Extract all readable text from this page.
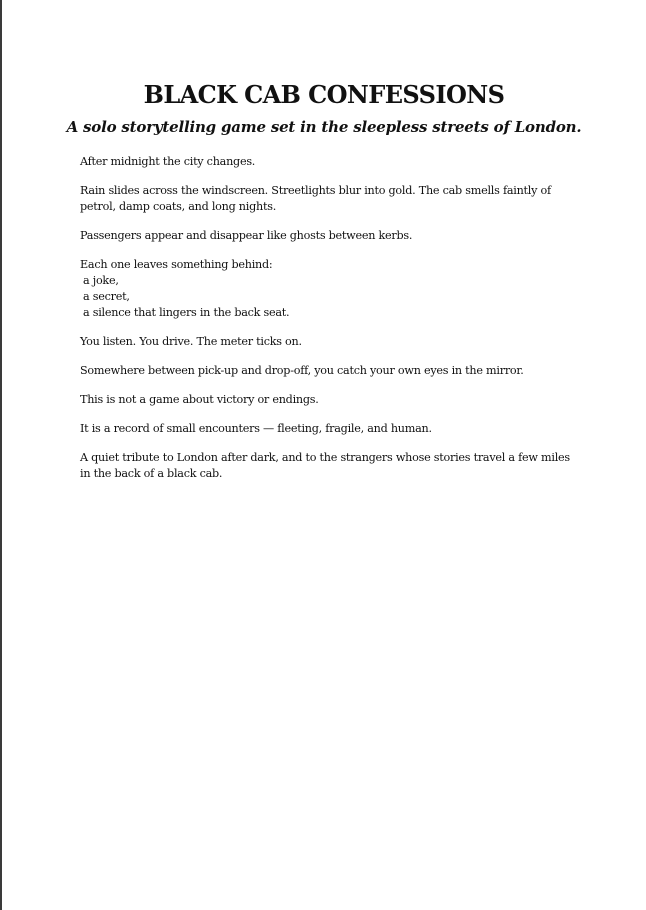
BLACK CAB CONFESSIONS
A solo storytelling game set in the sleepless streets of London.

After midnight the city changes.

Rain slides across the windscreen. Streetlights blur into gold. The cab smells faintly of petrol, damp coats, and long nights.

Passengers appear and disappear like ghosts between kerbs.

Each one leaves something behind:

a joke,

a secret,

a silence that lingers in the back seat.

You listen. You drive. The meter ticks on.

Somewhere between pick-up and drop-off, you catch your own eyes in the mirror.

This is not a game about victory or endings.

It is a record of small encounters — fleeting, fragile, and human.

A quiet tribute to London after dark, and to the strangers whose stories travel a few miles in the back of a black cab.
